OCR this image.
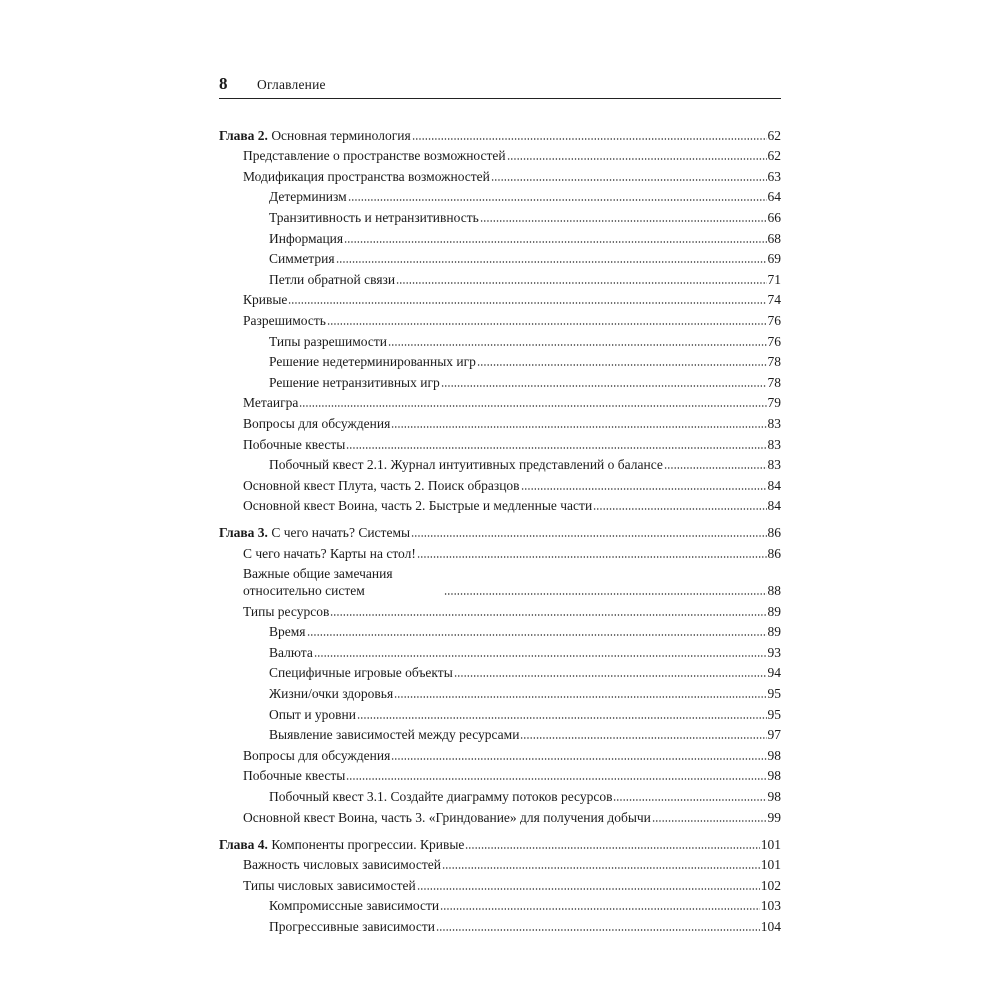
8 Оглавление
Глава 2. Основная терминология	62
Представление о пространстве возможностей	62
Модификация пространства возможностей	63
Детерминизм	64
Транзитивность и нетранзитивность	66
Информация	68
Симметрия	69
Петли обратной связи	71
Кривые	74
Разрешимость	76
Типы разрешимости	76
Решение недетерминированных игр	78
Решение нетранзитивных игр	78
Метаигра	79
Вопросы для обсуждения	83
Побочные квесты	83
Побочный квест 2.1. Журнал интуитивных представлений о балансе	83
Основной квест Плута, часть 2. Поиск образцов	84
Основной квест Воина, часть 2. Быстрые и медленные части	84
Глава 3. С чего начать? Системы	86
С чего начать? Карты на стол!	86
Важные общие замечания относительно систем	88
Типы ресурсов	89
Время	89
Валюта	93
Специфичные игровые объекты	94
Жизни/очки здоровья	95
Опыт и уровни	95
Выявление зависимостей между ресурсами	97
Вопросы для обсуждения	98
Побочные квесты	98
Побочный квест 3.1. Создайте диаграмму потоков ресурсов	98
Основной квест Воина, часть 3. «Гриндование» для получения добычи	99
Глава 4. Компоненты прогрессии. Кривые	101
Важность числовых зависимостей	101
Типы числовых зависимостей	102
Компромиссные зависимости	103
Прогрессивные зависимости	104
